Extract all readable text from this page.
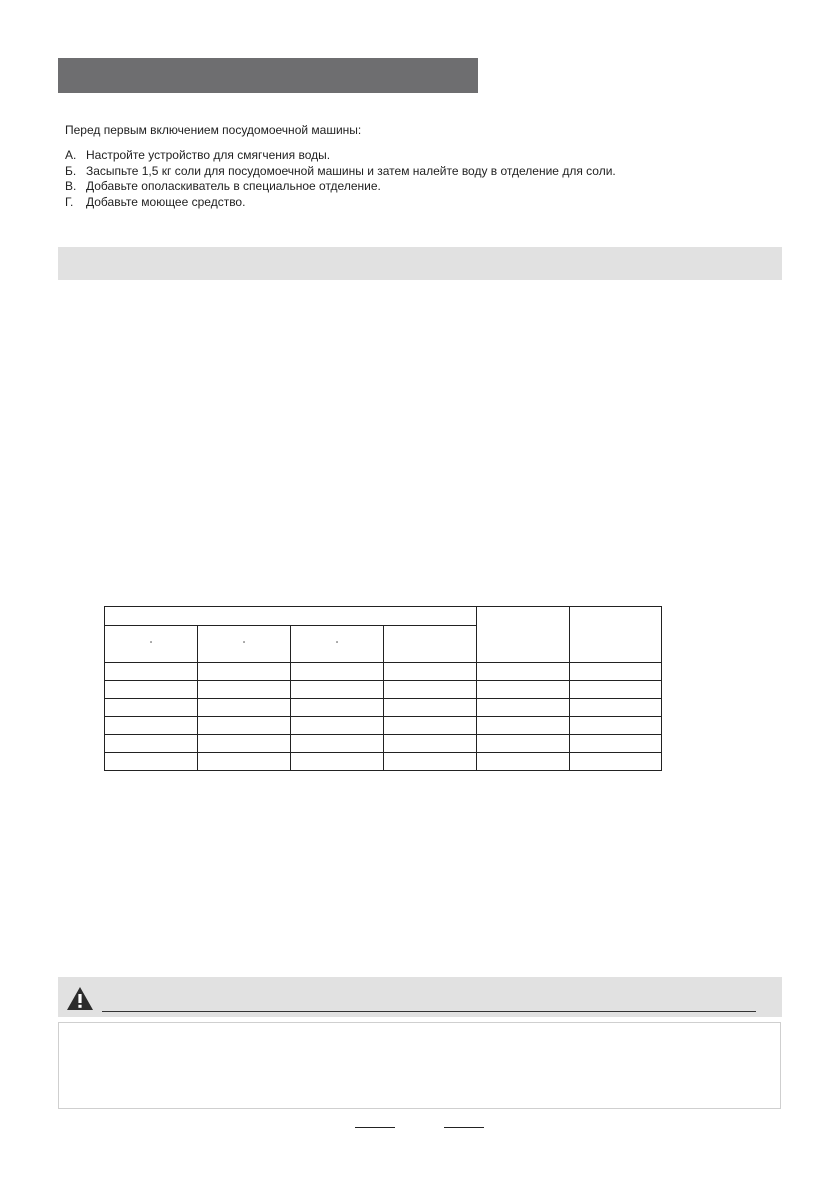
Перед первым включением посудомоечной машины:
А. Настройте устройство для смягчения воды.
Б. Засыпьте 1,5 кг соли для посудомоечной машины и затем налейте воду в отделение для соли.
В. Добавьте ополаскиватель в специальное отделение.
Г. Добавьте моющее средство.

°	°	°			
